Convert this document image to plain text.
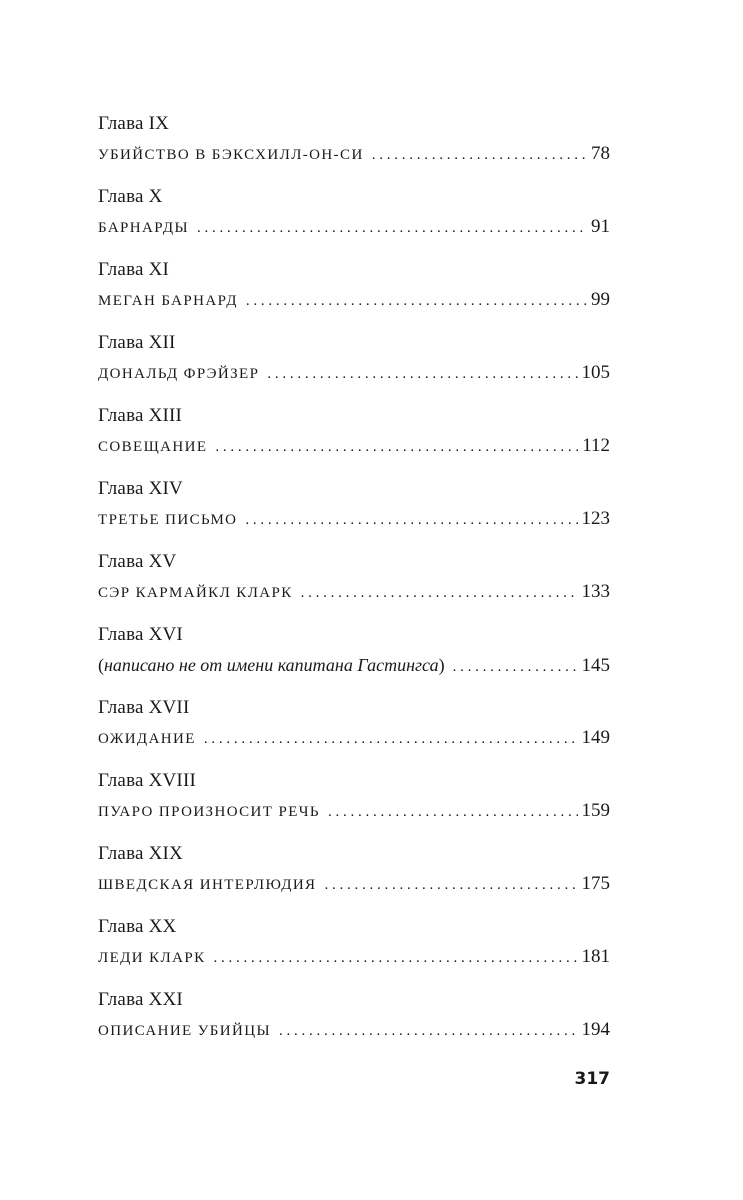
Глава IX
УБИЙСТВО В БЭКСХИЛЛ-ОН-СИ . . .	78
Глава X
БАРНАРДЫ . . .	91
Глава XI
МЕГАН БАРНАРД . . .	99
Глава XII
ДОНАЛЬД ФРЭЙЗЕР . . .	105
Глава XIII
СОВЕЩАНИЕ . . .	112
Глава XIV
ТРЕТЬЕ ПИСЬМО . . .	123
Глава XV
СЭР КАРМАЙКЛ КЛАРК . . .	133
Глава XVI
(написано не от имени капитана Гастингса) . . .	145
Глава XVII
ОЖИДАНИЕ . . .	149
Глава XVIII
ПУАРО ПРОИЗНОСИТ РЕЧЬ . . .	159
Глава XIX
ШВЕДСКАЯ ИНТЕРЛЮДИЯ . . .	175
Глава XX
ЛЕДИ КЛАРК . . .	181
Глава XXI
ОПИСАНИЕ УБИЙЦЫ . . .	194
317
